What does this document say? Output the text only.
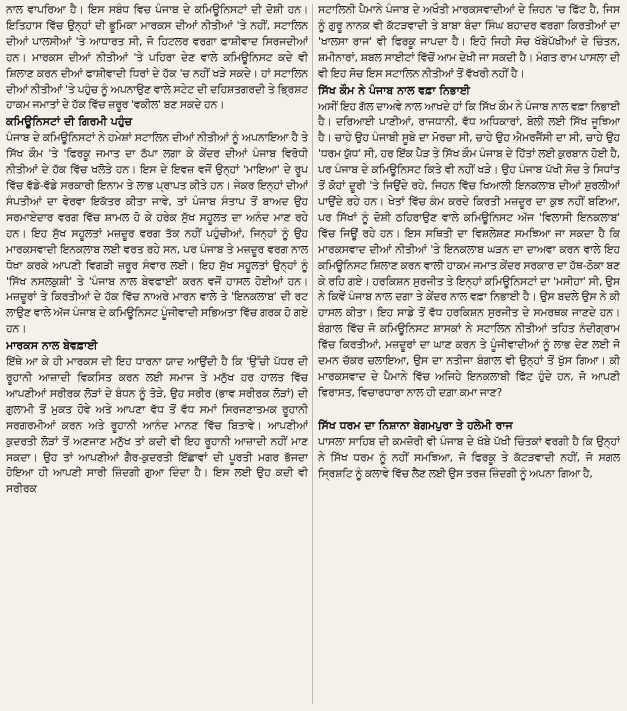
ਨਾਲ ਵਾਪਰਿਆ ਹੈ। ਇਸ ਸਬੰਧ ਵਿਚ ਪੰਜਾਬ ਦੇ ਕਮਿਊਨਿਸਟਾਂ ਦੀ ਦੋਸ਼ੀ ਹਨ। ਇਤਿਹਾਸ ਵਿੱਚ ਉਨ੍ਹਾਂ ਦੀ ਭੂਮਿਕਾ ਮਾਰਕਸ ਦੀਆਂ ਨੀਤੀਆਂ 'ਤੇ ਨਹੀਂ, ਸਟਾਲਿਨ ਦੀਆਂ ਪਾਲਸੀਆਂ 'ਤੇ ਆਧਾਰਤ ਸੀ, ਜੋ ਹਿਟਲਰ ਵਰਗਾ ਫਾਸ਼ੀਵਾਦ ਸਿਰਜਦੀਆਂ ਹਨ। ਮਾਰਕਸ ਦੀਆਂ ਨੀਤੀਆਂ 'ਤੇ ਪਹਿਰਾ ਦੇਣ ਵਾਲੇ ਕਮਿਊਨਿਸਟ ਕਦੇ ਵੀ ਸ਼ਿਲਾਣ ਕਰਨ ਦੀਆਂ ਫਾਸ਼ੀਵਾਦੀ ਧਿਰਾਂ ਦੇ ਹੱਕ 'ਚ ਨਹੀਂ ਖੜੇ ਸਕਦੇ। ਹਾਂ ਸਟਾਲਿਨ ਦੀਆਂ ਨੀਤੀਆਂ 'ਤੇ ਪਹੁੰਚ ਨੂੰ ਅਪਨਾਉਣ ਵਾਲੇ ਸਟੇਟ ਦੀ ਦਹਿਸ਼ਤਗਰਦੀ ਤੇ ਭ੍ਰਿਸ਼ਟ ਹਾਕਮ ਜਮਾਤਾਂ ਦੇ ਹੱਕ ਵਿੱਚ ਜ਼ਰੂਰ 'ਵਕੀਲ' ਬਣ ਸਕਦੇ ਹਨ।

ਕਮਿਊਨਿਸਟਾਂ ਦੀ ਗਿਰਮੀ ਪਹੁੰਚ

ਪੰਜਾਬ ਦੇ ਕਮਿਊਨਿਸਟਾਂ ਨੇ ਹਮੇਸ਼ਾਂ ਸਟਾਲਿਨ ਦੀਆਂ ਨੀਤੀਆਂ ਨੂੰ ਅਪਨਾਇਆ ਹੈ ਤੇ ਸਿੱਖ ਕੌਮ 'ਤੇ 'ਫਿਰਕੂ ਜਮਾਤ ਦਾ ਠੱਪਾ ਲਗਾ ਕੇ ਕੇਂਦਰ ਦੀਆਂ ਪੰਜਾਬ ਵਿਰੋਧੀ ਨੀਤੀਆਂ ਦੇ ਹੱਕ ਵਿੱਚ ਖਲੋਤੇ ਹਨ। ਇਸ ਦੇ ਇਵਜ਼ ਵਜੋਂ ਉਨ੍ਹਾਂ 'ਮਾਇਆ' ਦੇ ਰੂਪ ਵਿੱਚ ਵੱਡੇ-ਵੱਡੇ ਸਰਕਾਰੀ ਇਨਾਮ ਤੇ ਲਾਭ ਪ੍ਰਾਪਤ ਕੀਤੇ ਹਨ। ਜੇਕਰ ਇਨ੍ਹਾਂ ਦੀਆਂ ਸੰਪਤੀਆਂ ਦਾ ਵੇਰਵਾ ਇਕੱਤਰ ਕੀਤਾ ਜਾਵੇ, ਤਾਂ ਪੰਜਾਬ ਸੰਤਾਪ ਤੋਂ ਬਾਅਦ ਉਹ ਸਰਮਾਏਦਾਰ ਵਰਗ ਵਿੱਚ ਸ਼ਾਮਲ ਹੋ ਕੇ ਹਰੇਕ ਸੁੱਖ ਸਹੂਲਤ ਦਾ ਅਨੰਦ ਮਾਣ ਰਹੇ ਹਨ। ਇਹ ਸੁੱਖ ਸਹੂਲਤਾਂ ਮਜ਼ਦੂਰ ਵਰਗ ਤੱਕ ਨਹੀਂ ਪਹੁੰਚੀਆਂ, ਜਿਨ੍ਹਾਂ ਨੂੰ ਉਹ ਮਾਰਕਸਵਾਦੀ ਇਨਕਲਾਬ ਲਈ ਵਰਤ ਰਹੇ ਸਨ, ਪਰ ਪੰਜਾਬ ਤੇ ਮਜ਼ਦੂਰ ਵਰਗ ਨਾਲ ਧੋਖਾ ਕਰਕੇ ਆਪਣੀ ਵਿਗੜੀ ਜ਼ਰੂਰ ਸੰਵਾਰ ਲਈ। ਇਹ ਸੁੱਖ ਸਹੂਲਤਾਂ ਉਨ੍ਹਾਂ ਨੂੰ 'ਸਿੱਖ ਨਸਲਕੁਸ਼ੀ' ਤੇ 'ਪੰਜਾਬ ਨਾਲ ਬੇਵਫਾਈ' ਕਰਨ ਵਜੋਂ ਹਾਸਲ ਹੋਈਆਂ ਹਨ। ਮਜ਼ਦੂਰਾਂ ਤੇ ਕਿਰਤੀਆਂ ਦੇ ਹੱਕ ਵਿੱਚ ਨਾਅਰੇ ਮਾਰਨ ਵਾਲੇ ਤੇ 'ਇਨਕਲਾਬ' ਦੀ ਰਟ ਲਾਉਣ ਵਾਲੇ ਅੱਜ ਪੰਜਾਬ ਦੇ ਕਮਿਊਨਿਸਟ ਪੂੰਜੀਵਾਦੀ ਸਭਿਅਤਾ ਵਿੱਚ ਗਰਕ ਹੋ ਗਏ ਹਨ।

ਮਾਰਕਸ ਨਾਲ ਬੇਵਫ਼ਾਈ

ਇੱਥੇ ਆ ਕੇ ਹੀ ਮਾਰਕਸ ਦੀ ਇਹ ਧਾਰਨਾ ਯਾਦ ਆਉਂਦੀ ਹੈ ਕਿ 'ਉੱਚੀ ਪੱਧਰ ਦੀ ਰੂਹਾਨੀ ਆਜ਼ਾਦੀ ਵਿਕਸਿਤ ਕਰਨ ਲਈ ਸਮਾਜ ਤੇ ਮਨੁੱਖ ਹਰ ਹਾਲਤ ਵਿੱਚ ਆਪਣੀਆਂ ਸਰੀਰਕ ਲੋੜਾਂ ਦੇ ਬੰਧਨ ਨੂੰ ਤੋੜੇ, ਉਹ ਸਰੀਰ (ਭਾਵ ਸਰੀਰਕ ਲੋੜਾਂ) ਦੀ ਗੁਲਾਮੀ ਤੋਂ ਮੁਕਤ ਹੋਵੇ ਅਤੇ ਆਪਣਾ ਵੱਧ ਤੋਂ ਵੱਧ ਸਮਾਂ ਸਿਰਜਣਾਤਮਕ ਰੂਹਾਨੀ ਸਰਗਰਮੀਆਂ ਕਰਨ ਅਤੇ ਰੂਹਾਨੀ ਆਨੰਦ ਮਾਨਣ ਵਿੱਚ ਬਿਤਾਵੇ। ਆਪਣੀਆਂ ਕੁਦਰਤੀ ਲੋੜਾਂ ਤੋਂ ਅਣਜਾਣ ਮਨੁੱਖ ਤਾਂ ਕਦੀ ਵੀ ਇਹ ਰੂਹਾਨੀ ਆਜ਼ਾਦੀ ਨਹੀਂ ਮਾਣ ਸਕਦਾ। ਉਹ ਤਾਂ ਆਪਣੀਆਂ ਗੈਰ-ਕੁਦਰਤੀ ਇੱਛਾਵਾਂ ਦੀ ਪੂਰਤੀ ਮਗਰ ਭੱਜਦਾ ਹੋਇਆ ਹੀ ਆਪਣੀ ਸਾਰੀ ਜ਼ਿੰਦਗੀ ਗੁਆ ਦਿੰਦਾ ਹੈ। ਇਸ ਲਈ ਉਹ ਕਦੀ ਵੀ ਸਰੀਰਕ

ਸਟਾਲਿਨੀ ਪੈਮਾਨੇ ਪੰਜਾਬ ਦੇ ਅਖੌਤੀ ਮਾਰਕਸਵਾਦੀਆਂ ਦੇ ਜ਼ਿਹਨ 'ਚ ਫਿੱਟ ਹੈ, ਜਿਸ ਨੂੰ ਗੁਰੂ ਨਾਨਕ ਵੀ ਕੱਟੜਵਾਦੀ ਤੇ ਬਾਬਾ ਬੰਦਾ ਸਿੰਘ ਬਹਾਦਰ ਵਰਗਾ ਕਿਰਤੀਆਂ ਦਾ 'ਖਾਲਸਾ ਰਾਜ' ਵੀ ਫਿਰਕੂ ਜਾਪਦਾ ਹੈ। ਇਹੋ ਜਿਹੀ ਸੋਚ ਖੱਬੇਪੱਖੀਆਂ ਦੇ ਚਿੰਤਨ, ਸ਼ਮੀਨਾਰਾਂ, ਸ਼ਬਲ ਸਾਈਟਾਂ ਵਿੱਚੋਂ ਆਮ ਦੇਖੀ ਜਾ ਸਕਦੀ ਹੈ। ਮੰਗਤ ਰਾਮ ਪਾਸਲਾ ਦੀ ਵੀ ਇਹ ਸੋਚ ਇਸ ਸਟਾਲਿਨ ਨੀਤੀਆਂ ਤੋਂ ਵੱਖਰੀ ਨਹੀਂ ਹੈ।

ਸਿੱਖ ਕੌਮ ਨੇ ਪੰਜਾਬ ਨਾਲ ਵਫ਼ਾ ਨਿਭਾਈ

ਅਸੀਂ ਇਹ ਗੱਲ ਦਾਅਵੇ ਨਾਲ ਆਖਦੇ ਹਾਂ ਕਿ ਸਿੱਖ ਕੌਮ ਨੇ ਪੰਜਾਬ ਨਾਲ ਵਫ਼ਾ ਨਿਭਾਈ ਹੈ। ਦਰਿਆਈ ਪਾਣੀਆਂ, ਰਾਜਧਾਨੀ, ਵੱਧ ਅਧਿਕਾਰਾਂ, ਬੋਲੀ ਲਈ ਸਿੱਖ ਜੂਝਿਆ ਹੈ। ਚਾਹੇ ਉਹ ਪੰਜਾਬੀ ਸੂਬੇ ਦਾ ਮੋਰਚਾ ਸੀ, ਚਾਹੇ ਉਹ ਐਮਰਜੈਂਸੀ ਦਾ ਸੀ, ਚਾਹੇ ਉਹ 'ਧਰਮ ਯੁੱਧ' ਸੀ, ਹਰ ਇੱਕ ਪੈੜ ਤੇ ਸਿੱਖ ਕੌਮ ਪੰਜਾਬ ਦੇ ਹਿੱਤਾਂ ਲਈ ਕੁਰਬਾਨ ਹੋਈ ਹੈ, ਪਰ ਪੰਜਾਬ ਦੇ ਕਮਿਊਨਿਸਟ ਕਿਤੇ ਵੀ ਨਹੀਂ ਖੜੇ। ਉਹ ਪੰਜਾਬ ਪੱਖੀ ਸੋਚ ਤੇ ਸਿਧਾਂਤ ਤੋਂ ਕੋਹਾਂ ਦੂਰੀ 'ਤੇ ਜਿਉਂਦੇ ਰਹੇ, ਜਿਹਨ ਵਿੱਚ ਖਿਆਲੀ ਇਨਕਲਾਬ ਦੀਆਂ ਸ਼ੁਰਲੀਆਂ ਪਾਉਂਦੇ ਰਹੇ ਹਨ। ਖੇਤਾਂ ਵਿੱਚ ਕੰਮ ਕਰਦੇ ਕਿਰਤੀ ਮਜ਼ਦੂਰ ਦਾ ਕੁਝ ਨਹੀਂ ਬਣਿਆ, ਪਰ ਸਿੱਖਾਂ ਨੂੰ ਦੋਸ਼ੀ ਠਹਿਰਾਉਣ ਵਾਲੇ ਕਮਿਊਨਿਸਟ ਅੱਜ 'ਵਿਲਾਸੀ ਇਨਕਲਾਬ' ਵਿੱਚ ਜਿਊਂ ਰਹੇ ਹਨ। ਇਸ ਸਥਿਤੀ ਦਾ ਵਿਸ਼ਲੇਸ਼ਣ ਸਮਝਿਆ ਜਾ ਸਕਦਾ ਹੈ ਕਿ ਮਾਰਕਸਵਾਦ ਦੀਆਂ ਨੀਤੀਆਂ 'ਤੇ ਇਨਕਲਾਬ ਘੜਨ ਦਾ ਦਾਅਵਾ ਕਰਨ ਵਾਲੇ ਇਹ ਕਮਿਊਨਿਸਟ ਸ਼ਿਲਾਣ ਕਰਨ ਵਾਲੀ ਹਾਕਮ ਜਮਾਤ ਕੇਂਦਰ ਸਰਕਾਰ ਦਾ ਹੱਥ-ਠੋਕਾ ਬਣ ਕੇ ਰਹਿ ਗਏ। ਹਰਕਿਸ਼ਨ ਸੁਰਜੀਤ ਤੇ ਇਨ੍ਹਾਂ ਕਮਿਊਨਿਸਟਾਂ ਦਾ 'ਮਸੀਹਾ' ਸੀ, ਉਸ ਨੇ ਕਿਵੇਂ ਪੰਜਾਬ ਨਾਲ ਦਗਾ ਤੇ ਕੇਂਦਰ ਨਾਲ ਵਫ਼ਾ ਨਿਭਾਈ ਹੈ। ਉਸ ਬਦਲੇ ਉਸ ਨੇ ਕੀ ਹਾਸਲ ਕੀਤਾ। ਇਹ ਸਾਡੇ ਤੋਂ ਵੱਧ ਹਰਕਿਸ਼ਨ ਸੁਰਜੀਤ ਦੇ ਸਮਰਥਕ ਜਾਣਦੇ ਹਨ। ਬੰਗਾਲ ਵਿੱਚ ਜੋ ਕਮਿਊਨਿਸਟ ਸ਼ਾਸਕਾਂ ਨੇ ਸਟਾਲਿਨ ਨੀਤੀਆਂ ਤਹਿਤ ਨੰਦੀਗ੍ਰਾਮ ਵਿੱਚ ਕਿਰਤੀਆਂ, ਮਜ਼ਦੂਰਾਂ ਦਾ ਘਾਣ ਕਰਨ ਤੇ ਪੂੰਜੀਵਾਦੀਆਂ ਨੂੰ ਲਾਭ ਦੇਣ ਲਈ ਜੋ ਦਮਨ ਚੱਕਰ ਚਲਾਇਆ, ਉਸ ਦਾ ਨਤੀਜਾ ਬੰਗਾਲ ਵੀ ਉਨ੍ਹਾਂ ਤੋਂ ਖੁੱਸ ਗਿਆ। ਕੀ ਮਾਰਕਸਵਾਦ ਦੇ ਪੈਮਾਨੇ ਵਿੱਚ ਅਜਿਹੇ ਇਨਕਲਾਬੀ ਫਿੱਟ ਹੁੰਦੇ ਹਨ, ਜੋ ਆਪਣੀ ਵਿਰਾਸਤ, ਵਿਚਾਰਧਾਰਾ ਨਾਲ ਹੀ ਦਗ਼ਾ ਕਮਾ ਜਾਣ?

ਸਿੱਖ ਧਰਮ ਦਾ ਨਿਸ਼ਾਨਾ ਬੇਗਮਪੁਰਾ ਤੇ ਹਲੇਮੀ ਰਾਜ

ਪਾਸਲਾ ਸਾਹਿਬ ਦੀ ਕਮਜ਼ੋਰੀ ਵੀ ਪੰਜਾਬ ਦੇ ਖੱਬੇ ਪੱਖੀ ਚਿੰਤਕਾਂ ਵਰਗੀ ਹੈ ਕਿ ਉਨ੍ਹਾਂ ਨੇ ਸਿੱਖ ਧਰਮ ਨੂੰ ਨਹੀਂ ਸਮਝਿਆ, ਜੋ ਫਿਰਕੂ ਤੇ ਕੱਟੜਵਾਦੀ ਨਹੀਂ, ਜੋ ਸਗਲ ਸ੍ਰਿਸ਼ਟਿ ਨੂੰ ਕਲਾਵੇ ਵਿੱਚ ਲੈਣ ਲਈ ਉਸ ਤਰਜ਼ ਜ਼ਿੰਦਗੀ ਨੂੰ ਅਪਨਾ ਗਿਆ ਹੈ,
